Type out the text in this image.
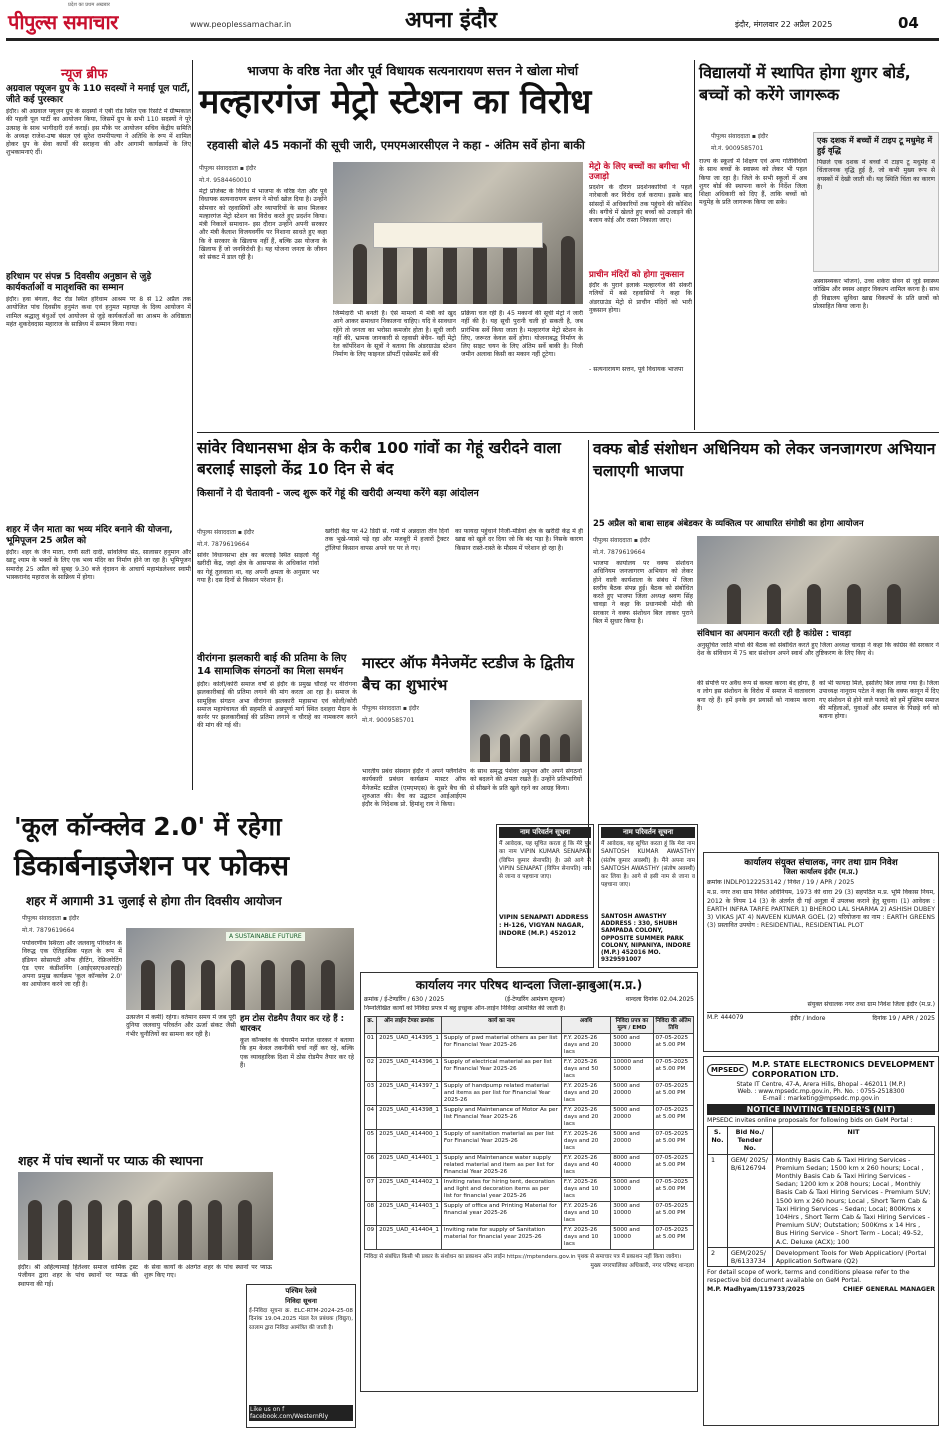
प्रदेश का प्रथम अखबार
पीपुल्स समाचार	www.peoplessamachar.in	अपना इंदौर	इंदौर, मंगलवार 22 अप्रैल 2025	04
न्यूज ब्रीफ
अग्रवाल फ्यूजन ग्रुप के 110 सदस्यों ने मनाई पूल पार्टी, जीते कई पुरस्कार
इंदौर। श्री अग्रवाल फ्यूजन ग्रुप के सदस्यों ने एबी रोड स्थित एक रिसोर्ट में ग्रीष्मकाल की पहली पूल पार्टी का आयोजन किया, जिसमें ग्रुप के सभी 110 सदस्यों ने पूरे उत्साह के साथ भागीदारी दर्ज कराई। इस मौके पर आयोजन सचिव केंद्रीय समिति के अध्यक्ष राजेश-उषा बंसल एवं सुरेश रामपीपल्या ने अतिथि के रूप में शामिल होकर ग्रुप के सेवा कार्यों की सराहना की और आगामी कार्यक्रमों के लिए शुभकामनाएं दीं।
हरिधाम पर संपन्न 5 दिवसीय अनुष्ठान से जुड़े कार्यकर्ताओं व मातृशक्ति का सम्मान
इंदौर। हवा बंगला, कैट रोड स्थित हरिधाम आश्रम पर 8 से 12 अप्रैल तक आयोजित पांच दिवसीय हनुमंत कथा एवं हनुमत महायज्ञ के दिव्य आयोजन में शामिल श्रद्धालु बंधुओं एवं आयोजन से जुड़े कार्यकर्ताओं का आश्रम के अधिष्ठाता महंत शुकदेवदास महाराज के सान्निध्य में सम्मान किया गया।
शहर में जैन माता का भव्य मंदिर बनाने की योजना, भूमिपूजन 25 अप्रैल को
इंदौर। शहर के जैन माता, राणी सती दादी, सांवलिया सेठ, सालासर हनुमान और खाटू श्याम के भक्तों के लिए एक भव्य मंदिर का निर्माण होने जा रहा है। भूमिपूजन समारोह 25 अप्रैल को सुबह 9.30 बजे वृंदावन के आचार्य महामंडलेश्वर स्वामी भास्करानंद महाराज के सान्निध्य में होगा।
भाजपा के वरिष्ठ नेता और पूर्व विधायक सत्यनारायण सत्तन ने खोला मोर्चा
मल्हारगंज मेट्रो स्टेशन का विरोध
रहवासी बोले 45 मकानों की सूची जारी, एमएमआरसीएल ने कहा - अंतिम सर्वे होना बाकी
पीपुल्स संवाददाता ▪ इंदौर
मो.नं. 9584460010
मेट्रो प्रोजेक्ट के विरोध में भाजपा के वरिष्ठ नेता और पूर्व विधायक सत्यनारायण सत्तन ने मोर्चा खोल दिया है। उन्होंने सोमवार को रहवासियों और व्यापारियों के साथ मिलकर मल्हारगंज मेट्रो स्टेशन का विरोध करते हुए प्रदर्शन किया। मंत्री निकालें समाधान- इस दौरान उन्होंने अपनी सरकार और मंत्री कैलाश विजयवर्गीय पर निशाना साधते हुए कहा कि वे सरकार के खिलाफ नहीं हैं, बल्कि उस योजना के खिलाफ हैं जो जनविरोधी है। यह योजना जनता के जीवन को संकट में डाल रही है।
जिम्मेदारी भी बनती है। ऐसे मामलों में मंत्री को खुद आगे आकर समाधान निकालना चाहिए। यदि वे सावधान रहेंगे तो जनता का भरोसा कमजोर होता है। सूची जारी नहीं की, भ्रामक जानकारी से रहवासी बेचैन- वहीं मेट्रो रेल कॉर्पोरेशन के सूत्रों ने बताया कि अंडरग्राउंड स्टेशन निर्माण के लिए फाइनल प्रॉपर्टी एसेसमेंट सर्वे की
प्रक्रिया चल रही है। 45 मकानों की सूची मेट्रो ने जारी नहीं की है। यह सूची पुरानी चली हो सकती है, जब प्रारंभिक सर्वे किया जाता है। मल्हारगंज मेट्रो स्टेशन के लिए, जरूरत केवल सर्वे होगा। योजनाबद्ध निर्माण के लिए साइट चयन के लिए अंतिम सर्वे बाकी है। निजी जमीन अलावा किसी का मकान नहीं टूटेगा।
मेट्रो के लिए बच्चों का बगीचा भी उजाड़ो
प्रदर्शन के दौरान प्रदर्शनकारियों ने पहले नारेबाजी कर विरोध दर्ज कराया। इसके बाद सांसदों में अधिकारियों तक पहुंचने की कोशिश की। बगीचे में खेलते हुए बच्चों को उजाड़ने की बजाय कोई और रास्ता निकाला जाए।
प्राचीन मंदिरों को होगा नुकसान
इंदौर के पुराने इलाके मल्हारगंज की संकरी गलियों में बसे रहवासियों ने कहा कि अंडरग्राउंड मेट्रो से प्राचीन मंदिरों को भारी नुकसान होगा।
- सत्यनारायण सत्तन, पूर्व विधायक भाजपा
विद्यालयों में स्थापित होगा शुगर बोर्ड, बच्चों को करेंगे जागरूक
पीपुल्स संवाददाता ▪ इंदौर
मो.नं. 9009585701
राज्य के स्कूलों में शिक्षण एवं अन्य गतिविधियों के साथ बच्चों के स्वास्थ्य को लेकर भी पहल किया जा रहा है। जिले के सभी स्कूलों में अब शुगर बोर्ड की स्थापना करने के निर्देश जिला शिक्षा अधिकारी को दिए हैं, ताकि बच्चों को मधुमेह के प्रति जागरूक किया जा सके।
एक दशक में बच्चों में टाइप टू मधुमेह में हुई वृद्धि
पिछले एक दशक में बच्चों में टाइप टू मधुमेह में चिंताजनक वृद्धि हुई है, जो कभी मुख्य रूप से वयस्कों में देखी जाती थी। यह स्थिति चिंता का कारण है।
अस्वास्थ्यकर भोजन), उच्च शर्करा सेवन से जुड़े स्वास्थ्य जोखिम और स्वस्थ आहार विकल्प शामिल करना है। साथ ही विद्यालय सुविधा खाद्य विकल्पों के प्रति छात्रों को प्रोत्साहित किया जाना है।
सांवेर विधानसभा क्षेत्र के करीब 100 गांवों का गेहूं खरीदने वाला बरलाई साइलो केंद्र 10 दिन से बंद
किसानों ने दी चेतावनी - जल्द शुरू करें गेहूं की खरीदी अन्यथा करेंगे बड़ा आंदोलन
पीपुल्स संवाददाता ▪ इंदौर
मो.नं. 7879619664
सांवेर विधानसभा क्षेत्र का बरलाई स्थित साइलो गेहूं खरीदी केंद्र, जहां क्षेत्र के आसपास के अधिकांश गांवों का गेहूं तुलवाता था, वह अपनी क्षमता के अनुसार भर गया है। दस दिनों से किसान परेशान हैं।
खरीदी केंद्र पर 42 डिग्री से. गर्मी में अन्नदाता तीन दिनों तक भूखे-प्यासे पड़े रहा और मजबूरी में हजारों ट्रैक्टर ट्रॉलियां किसान वापस अपने घर पर ले गए।
का फायदा पहुंचाने निजी-मंडियां क्षेत्र के खरीदी केंद्र में ही खाद्य को खुले दर दिया जो कि बंद पड़ा है। निसके कारण किसान रास्ते-रास्ते के मौसम में परेशान हो रहा है।
वीरांगना झलकारी बाई की प्रतिमा के लिए 14 सामाजिक संगठनों का मिला समर्थन
इंदौर। कोली/कोरी समाज वर्षों से इंदौर के प्रमुख चौराहे पर वीरांगना झलकारीबाई की प्रतिमा लगाने की मांग करता आ रहा है। समाज के सामूहिक संगठन अभा वीरांगना झलकारी महासभा एवं कोली/कोरी समाज महापंचायत की सहमति से अन्नपूर्णा मार्ग स्थित दशहरा मैदान के कार्नर पर झलकारीबाई की प्रतिमा लगाने व चौराहे का नामकरण करने की मांग की गई थी।
मास्टर ऑफ मैनेजमेंट स्टडीज के द्वितीय बैच का शुभारंभ
पीपुल्स संवाददाता ▪ इंदौर
मो.नं. 9009585701
भारतीय प्रबंध संस्थान इंदौर ने अपने फ्लैगशिप कार्यकारी प्रबंधन कार्यक्रम मास्टर ऑफ मैनेजमेंट स्टडीज (एमएमएस) के दूसरे बैच की शुरुआत की। बैच का उद्घाटन आईआईएम इंदौर के निदेशक प्रो. हिमांशु राय ने किया।
के साथ समृद्ध पेशेवर अनुभव और अपने संगठनों को बदलने की क्षमता रखते हैं। उन्होंने प्रतिभागियों से सीखने के प्रति खुले रहने का आग्रह किया।
वक्फ बोर्ड संशोधन अधिनियम को लेकर जनजागरण अभियान चलाएगी भाजपा
25 अप्रैल को बाबा साहब अंबेडकर के व्यक्तित्व पर आधारित संगोष्ठी का होगा आयोजन
पीपुल्स संवाददाता ▪ इंदौर
मो.नं. 7879619664
भाजपा कार्यालय पर वक्फ संशोधन अधिनियम जनजागरण अभियान को लेकर होने वाली कार्यशाला के संबंध में जिला स्तरीय बैठक संपन्न हुई। बैठक को संबोधित करते हुए भाजपा जिला अध्यक्ष श्रवण सिंह चावड़ा ने कहा कि प्रधानमंत्री मोदी की सरकार ने वक्फ संशोधन बिल लाकर पुराने बिल में सुधार किया है।
संविधान का अपमान करती रही है कांग्रेस : चावड़ा
अनुसूचित जाति मोर्चा की बैठक को संबोधित करते हुए जिला अध्यक्ष चावड़ा ने कहा कि कांग्रेस की सरकार ने देश के संविधान में 75 बार संशोधन अपने स्वार्थ और तुष्टिकरण के लिए किए थे।
की संपत्ति पर अवैध रूप से कब्जा करना बंद होगा, हैं व लोग इस संशोधन के विरोध में समाज में वातावरण बना रहे हैं। हमें इनके इन प्रयासों को नाकाम करना है।
को भी फायदा मिले, इसलिए बिल लाया गया है। जिला उपाध्यक्ष नानूराम पटेल ने कहा कि वक्फ कानून में दिए गए संशोधन से होने वाले फायदे को हमें मुस्लिम समाज की महिलाओं, युवाओं और समाज के पिछड़े वर्ग को बताना होगा।
'कूल कॉन्क्लेव 2.0' में रहेगा
डिकार्बनाइजेशन पर फोकस
शहर में आगामी 31 जुलाई से होगा तीन दिवसीय आयोजन
पीपुल्स संवाददाता ▪ इंदौर
मो.नं. 7879619664
A SUSTAINABLE FUTURE
पर्यावरणीय स्थिरता और जलवायु परिवर्तन के विरुद्ध एक ऐतिहासिक पहल के रूप में इंडियन सोसायटी ऑफ हीटिंग, रेफ्रिजरेटिंग एंड एयर कंडीशनिंग (आईएसएचआरएई) अपना प्रमुख कार्यक्रम 'कूल कॉन्क्लेव 2.0' का आयोजन करने जा रही है।
उत्सर्जन में कमी) रहेगा। वर्तमान समय में जब पूरी दुनिया जलवायु परिवर्तन और ऊर्जा संकट जैसी गंभीर चुनौतियों का सामना कर रही है।
हम टोस रोडमैप तैयार कर रहे हैं : धारकर
कूल कॉन्क्लेव के चेयरमैन मनोज धारकर ने बताया कि हम केवल तकनीकी चर्चा नहीं कर रहे, बल्कि एक व्यावहारिक दिशा में ठोस रोडमैप तैयार कर रहे हैं।
शहर में पांच स्थानों पर प्याऊ की स्थापना
इंदौर। श्री अहिल्यामाई हितेश्वर समाज धार्मिक ट्रस्ट पंजीयन द्वारा शहर के पांच स्थानों पर प्याऊ की स्थापना की गई।
के सेवा कार्यों के अंतर्गत शहर के पांच स्थानों पर प्याऊ शुरू किए गए।
नाम परिवर्तन सूचना
मैं आवेदक, यह सूचित करता हूं कि मेरे पुत्र का नाम VIPIN KUMAR SENAPATI (विपिन कुमार सेनापति) है। उसे आगे से VIPIN SENAPAT (विपिन सेनापति) नाम से जाना व पहचाना जाए।
VIPIN SENAPATI ADDRESS : H-126, VIGYAN NAGAR, INDORE (M.P.) 452012
नाम परिवर्तन सूचना
मैं आवेदक, यह सूचित करता हूं कि मेरा नाम SANTOSH KUMAR AWASTHY (संतोष कुमार अवस्थी) है। मैंने अपना नाम SANTOSH AWASTHY (संतोष अवस्थी) कर लिया है। आगे से इसी नाम से जाना व पहचाना जाए।
SANTOSH AWASTHY ADDRESS : 330, SHUBH SAMPADA COLONY, OPPOSITE SUMMER PARK COLONY, NIPANIYA, INDORE (M.P.) 452016 MO. 9329591007
कार्यालय नगर परिषद थान्दला जिला-झाबुआ(म.प्र.)
क्रमांक / ई-टेण्डरिंग / 630 / 2025	(ई-टेण्डरिंग आमंत्रण सूचना)	थान्दला दिनांक 02.04.2025
निम्नलिखित कार्यों को निविदा प्रपत्र में बहु इच्छुक ऑन-लाईन निविदा आमंत्रित की जाती है।
क्र.	ऑन लाईन टेण्डर क्रमांक	कार्य का नाम	अवधि	निविदा प्रपत्र का मूल्य / EMD	निविदा की अंतिम तिथि
01	2025_UAD_414395_1	Supply of pwd material others as per list for Financial Year 2025-26	F.Y. 2025-26 days and 20 lacs	5000 and 30000	07-05-2025 at 5.00 PM
02	2025_UAD_414396_1	Supply of electrical material as per list for Financial Year 2025-26	F.Y. 2025-26 days and 50 lacs	10000 and 50000	07-05-2025 at 5.00 PM
03	2025_UAD_414397_1	Supply of handpump related material and items as per list for Financial Year 2025-26	F.Y. 2025-26 days and 20 lacs	5000 and 20000	07-05-2025 at 5.00 PM
04	2025_UAD_414398_1	Supply and Maintenance of Motor As per list Financial Year 2025-26	F.Y. 2025-26 days and 20 lacs	5000 and 20000	07-05-2025 at 5.00 PM
05	2025_UAD_414400_1	Supply of sanitation material as per list For Financial Year 2025-26	F.Y. 2025-26 days and 20 lacs	5000 and 20000	07-05-2025 at 5.00 PM
06	2025_UAD_414401_1	Supply and Maintenance water supply related material and item as per list for Financial Year 2025-26	F.Y. 2025-26 days and 40 lacs	8000 and 40000	07-05-2025 at 5.00 PM
07	2025_UAD_414402_1	Inviting rates for hiring tent, decoration and light and decoration items as per list for financial year 2025-26	F.Y. 2025-26 days and 10 lacs	5000 and 10000	07-05-2025 at 5.00 PM
08	2025_UAD_414403_1	Supply of office and Printing Material for financial year 2025-26	F.Y. 2025-26 days and 10 lacs	3000 and 10000	07-05-2025 at 5.00 PM
09	2025_UAD_414404_1	Inviting rate for supply of Sanitation material for financial year 2025-26	F.Y. 2025-26 days and 10 lacs	5000 and 10000	07-05-2025 at 5.00 PM
निविदा से संबंधित किसी भी प्रकार के संशोधन का प्रकाशन ऑन लाईन https://mptenders.gov.in पृथक से समाचार पत्र में प्रकाशन नहीं किया जावेगा।
मुख्य नगरपालिका अधिकारी, नगर परिषद थान्दला
पश्चिम रेलवे
निविदा सूचना
ई-निविदा सूचना क्र. ELC-RTM-2024-25-08 दिनांक 19.04.2025 मंडल रेल प्रबंधक (विद्युत), रतलाम द्वारा निविदा आमंत्रित की जाती है।
Like us on f facebook.com/WesternRly
कार्यालय संयुक्त संचालक, नगर तथा ग्राम निवेश
जिला कार्यालय इंदौर (म.प्र.)
क्रमांक INDLP0122253142 / निवेश / 19 / APR / 2025
म.प्र. नगर तथा ग्राम निवेश अधिनियम, 1973 की धारा 29 (3) सहपठित म.प्र. भूमि विकास नियम, 2012 के नियम 14 (3) के अंतर्गत दी गई अनुज्ञा में उपलब्ध कराने हेतु सूचना। (1) आवेदक : EARTH INFRA TARFE PARTNER 1) BHEROO LAL SHARMA 2) ASHISH DUBEY 3) VIKAS JAT 4) NAVEEN KUMAR GOEL (2) परियोजना का नाम : EARTH GREENS (3) प्रस्तावित उपयोग : RESIDENTIAL, RESIDENTIAL PLOT
संयुक्त संचालक नगर तथा ग्राम निवेश जिला इंदौर (म.प्र.)
M.P. 444079	इंदौर / Indore	दिनांक 19 / APR / 2025
MPSEDC
M.P. STATE ELECTRONICS DEVELOPMENT CORPORATION LTD.
State IT Centre, 47-A, Arera Hills, Bhopal - 462011 (M.P.)
Web. : www.mpsedc.mp.gov.in, Ph. No. : 0755-2518300
E-mail : marketing@mpsedc.mp.gov.in
NOTICE INVITING TENDER'S (NIT)
MPSEDC invites online proposals for following bids on GeM Portal :
S. No.	Bid No./ Tender No.	NIT
1	GEM/ 2025/ B/6126794	Monthly Basis Cab & Taxi Hiring Services - Premium Sedan; 1500 km x 260 hours; Local , Monthly Basis Cab & Taxi Hiring Services - Sedan; 1200 km x 208 hours; Local , Monthly Basis Cab & Taxi Hiring Services - Premium SUV; 1500 km x 260 hours; Local , Short Term Cab & Taxi Hiring Services - Sedan; Local; 800Kms x 104Hrs , Short Term Cab & Taxi Hiring Services - Premium SUV; Outstation; 500Kms x 14 Hrs , Bus Hiring Service - Short Term - Local; 49-52, A.C. Deluxe (ACX); 100
2	GEM/2025/ B/6133734	Development Tools for Web Application/ (Portal Application Software (Q2)
For detail scope of work, terms and conditions please refer to the respective bid document available on GeM Portal.
M.P. Madhyam/119733/2025	CHIEF GENERAL MANAGER
